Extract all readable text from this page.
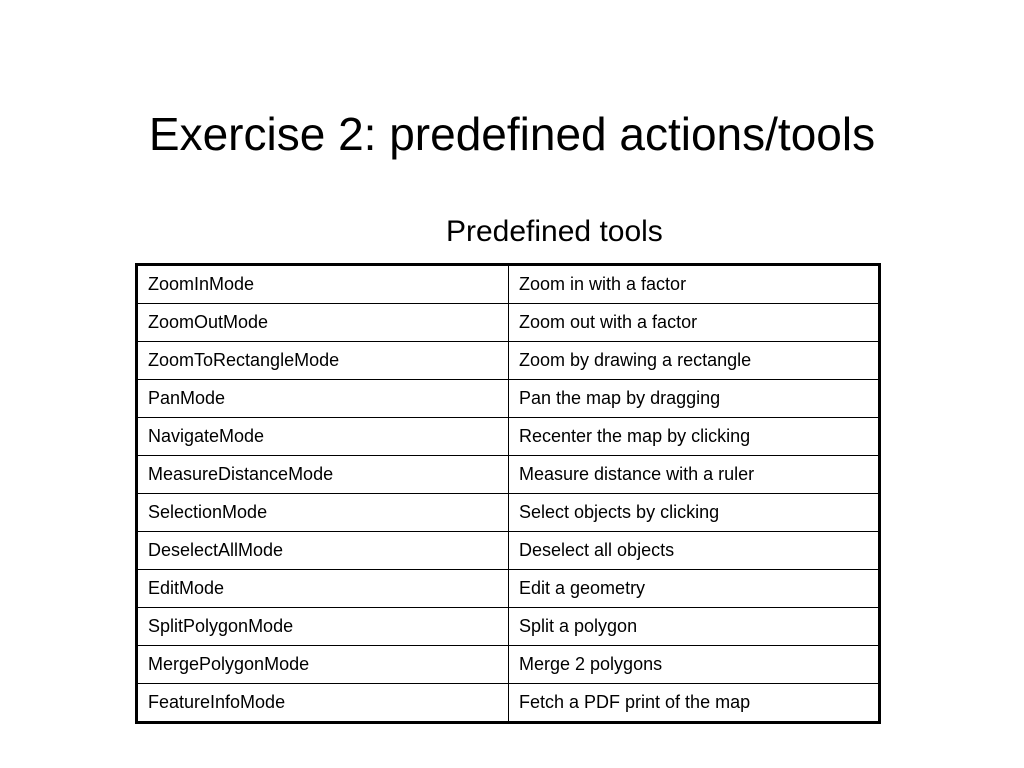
Exercise 2: predefined actions/tools
Predefined tools
ZoomInMode	Zoom in with a factor
ZoomOutMode	Zoom out with a factor
ZoomToRectangleMode	Zoom by drawing a rectangle
PanMode	Pan the map by dragging
NavigateMode	Recenter the map by clicking
MeasureDistanceMode	Measure distance with a ruler
SelectionMode	Select objects by clicking
DeselectAllMode	Deselect all objects
EditMode	Edit a geometry
SplitPolygonMode	Split a polygon
MergePolygonMode	Merge 2 polygons
FeatureInfoMode	Fetch a PDF print of the map
